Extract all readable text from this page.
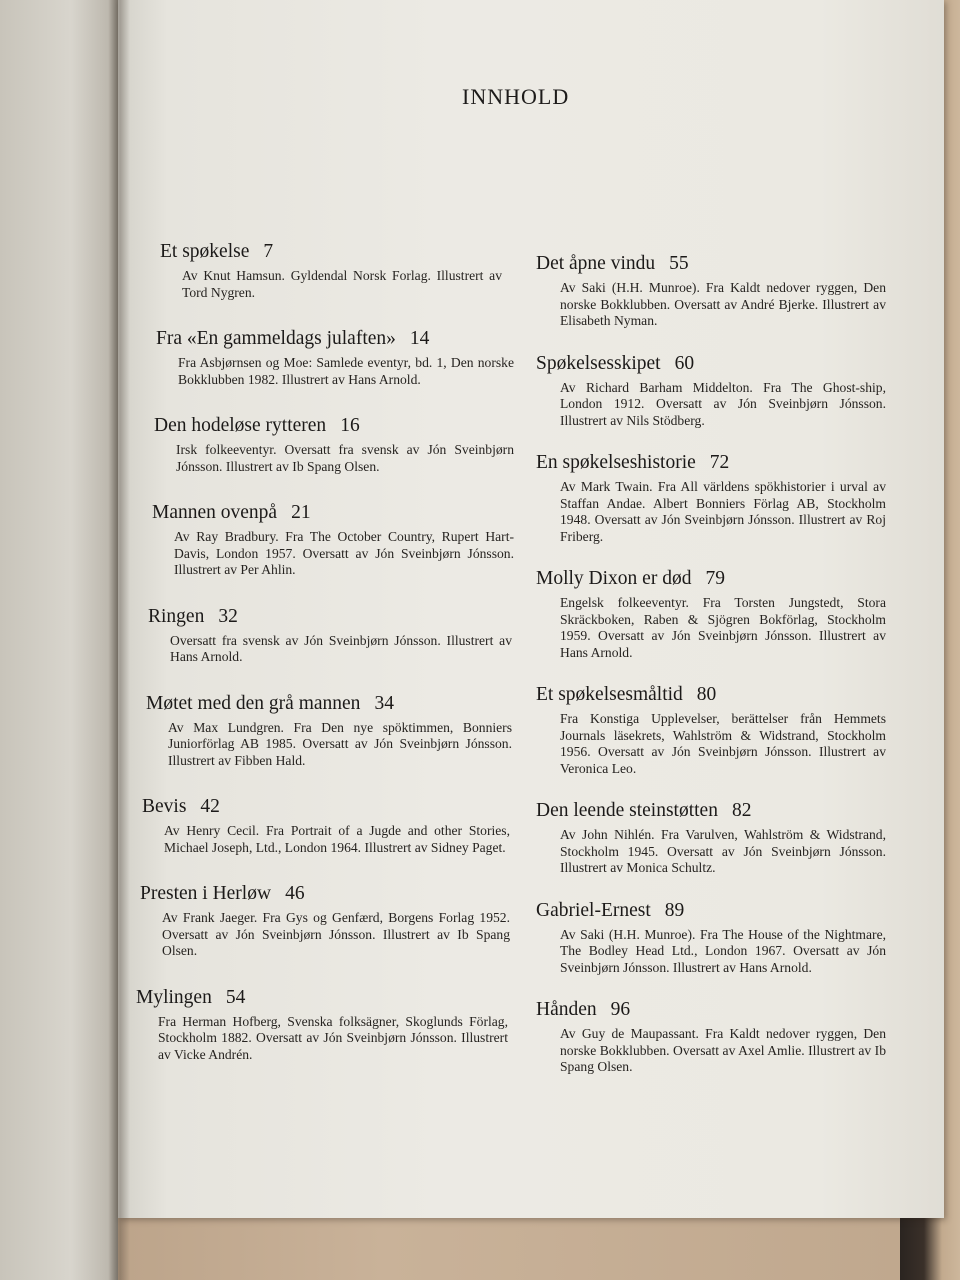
INNHOLD
Et spøkelse 7
Av Knut Hamsun. Gyldendal Norsk Forlag. Illustrert av Tord Nygren.
Fra «En gammeldags julaften» 14
Fra Asbjørnsen og Moe: Samlede eventyr, bd. 1, Den norske Bokklubben 1982. Illustrert av Hans Arnold.
Den hodeløse rytteren 16
Irsk folkeeventyr. Oversatt fra svensk av Jón Sveinbjørn Jónsson. Illustrert av Ib Spang Olsen.
Mannen ovenpå 21
Av Ray Bradbury. Fra The October Country, Rupert Hart-Davis, London 1957. Oversatt av Jón Sveinbjørn Jónsson. Illustrert av Per Ahlin.
Ringen 32
Oversatt fra svensk av Jón Sveinbjørn Jónsson. Illustrert av Hans Arnold.
Møtet med den grå mannen 34
Av Max Lundgren. Fra Den nye spöktimmen, Bonniers Juniorförlag AB 1985. Oversatt av Jón Sveinbjørn Jónsson. Illustrert av Fibben Hald.
Bevis 42
Av Henry Cecil. Fra Portrait of a Jugde and other Stories, Michael Joseph, Ltd., London 1964. Illustrert av Sidney Paget.
Presten i Herløw 46
Av Frank Jaeger. Fra Gys og Genfærd, Borgens Forlag 1952. Oversatt av Jón Sveinbjørn Jónsson. Illustrert av Ib Spang Olsen.
Mylingen 54
Fra Herman Hofberg, Svenska folksägner, Skoglunds Förlag, Stockholm 1882. Oversatt av Jón Sveinbjørn Jónsson. Illustrert av Vicke Andrén.
Det åpne vindu 55
Av Saki (H.H. Munroe). Fra Kaldt nedover ryggen, Den norske Bokklubben. Oversatt av André Bjerke. Illustrert av Elisabeth Nyman.
Spøkelsesskipet 60
Av Richard Barham Middelton. Fra The Ghost-ship, London 1912. Oversatt av Jón Sveinbjørn Jónsson. Illustrert av Nils Stödberg.
En spøkelseshistorie 72
Av Mark Twain. Fra All världens spökhistorier i urval av Staffan Andae. Albert Bonniers Förlag AB, Stockholm 1948. Oversatt av Jón Sveinbjørn Jónsson. Illustrert av Roj Friberg.
Molly Dixon er død 79
Engelsk folkeeventyr. Fra Torsten Jungstedt, Stora Skräckboken, Raben & Sjögren Bokförlag, Stockholm 1959. Oversatt av Jón Sveinbjørn Jónsson. Illustrert av Hans Arnold.
Et spøkelsesmåltid 80
Fra Konstiga Upplevelser, berättelser från Hemmets Journals läsekrets, Wahlström & Widstrand, Stockholm 1956. Oversatt av Jón Sveinbjørn Jónsson. Illustrert av Veronica Leo.
Den leende steinstøtten 82
Av John Nihlén. Fra Varulven, Wahlström & Widstrand, Stockholm 1945. Oversatt av Jón Sveinbjørn Jónsson. Illustrert av Monica Schultz.
Gabriel-Ernest 89
Av Saki (H.H. Munroe). Fra The House of the Nightmare, The Bodley Head Ltd., London 1967. Oversatt av Jón Sveinbjørn Jónsson. Illustrert av Hans Arnold.
Hånden 96
Av Guy de Maupassant. Fra Kaldt nedover ryggen, Den norske Bokklubben. Oversatt av Axel Amlie. Illustrert av Ib Spang Olsen.
